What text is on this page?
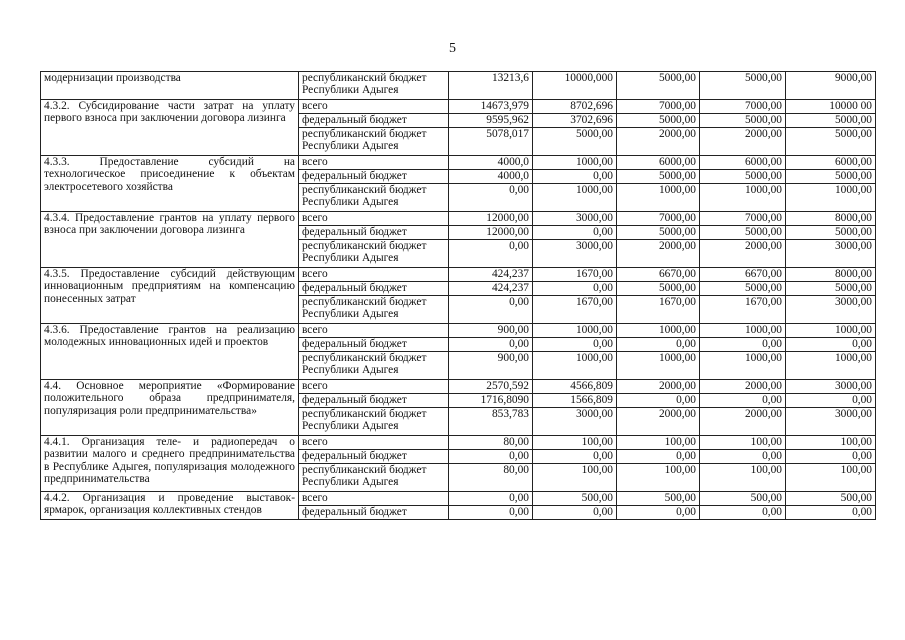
5
модернизации производства	республиканский бюджет Республики Адыгея	13213,6	10000,000	5000,00	5000,00	9000,00
4.3.2. Субсидирование части затрат на уплату первого взноса при заключении договора лизинга	всего	14673,979	8702,696	7000,00	7000,00	10000 00
	федеральный бюджет	9595,962	3702,696	5000,00	5000,00	5000,00
	республиканский бюджет Республики Адыгея	5078,017	5000,00	2000,00	2000,00	5000,00
4.3.3. Предоставление субсидий на технологическое присоединение к объектам электросетевого хозяйства	всего	4000,0	1000,00	6000,00	6000,00	6000,00
	федеральный бюджет	4000,0	0,00	5000,00	5000,00	5000,00
	республиканский бюджет Республики Адыгея	0,00	1000,00	1000,00	1000,00	1000,00
4.3.4. Предоставление грантов на уплату первого взноса при заключении договора лизинга	всего	12000,00	3000,00	7000,00	7000,00	8000,00
	федеральный бюджет	12000,00	0,00	5000,00	5000,00	5000,00
	республиканский бюджет Республики Адыгея	0,00	3000,00	2000,00	2000,00	3000,00
4.3.5. Предоставление субсидий действующим инновационным предприятиям на компенсацию понесенных затрат	всего	424,237	1670,00	6670,00	6670,00	8000,00
	федеральный бюджет	424,237	0,00	5000,00	5000,00	5000,00
	республиканский бюджет Республики Адыгея	0,00	1670,00	1670,00	1670,00	3000,00
4.3.6. Предоставление грантов на реализацию молодежных инновационных идей и проектов	всего	900,00	1000,00	1000,00	1000,00	1000,00
	федеральный бюджет	0,00	0,00	0,00	0,00	0,00
	республиканский бюджет Республики Адыгея	900,00	1000,00	1000,00	1000,00	1000,00
4.4. Основное мероприятие «Формирование положительного образа предпринимателя, популяризация роли предпринимательства»	всего	2570,592	4566,809	2000,00	2000,00	3000,00
	федеральный бюджет	1716,8090	1566,809	0,00	0,00	0,00
	республиканский бюджет Республики Адыгея	853,783	3000,00	2000,00	2000,00	3000,00
4.4.1. Организация теле- и радиопередач о развитии малого и среднего предпринимательства в Республике Адыгея, популяризация молодежного предпринимательства	всего	80,00	100,00	100,00	100,00	100,00
	федеральный бюджет	0,00	0,00	0,00	0,00	0,00
	республиканский бюджет Республики Адыгея	80,00	100,00	100,00	100,00	100,00
4.4.2. Организация и проведение выставок-ярмарок, организация коллективных стендов	всего	0,00	500,00	500,00	500,00	500,00
	федеральный бюджет	0,00	0,00	0,00	0,00	0,00
